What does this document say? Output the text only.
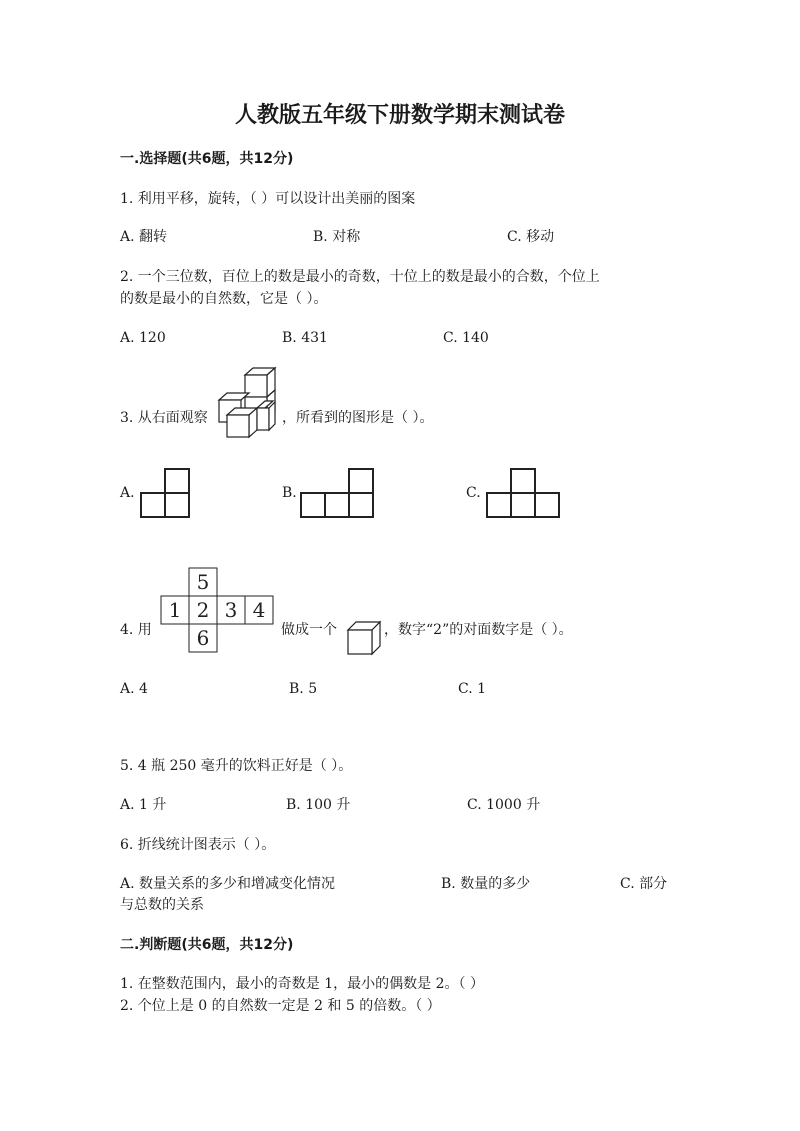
人教版五年级下册数学期末测试卷
一.选择题(共6题，共12分)
1. 利用平移，旋转，（ ）可以设计出美丽的图案
A. 翻转	B. 对称	C. 移动
2. 一个三位数，百位上的数是最小的奇数，十位上的数是最小的合数，个位上
的数是最小的自然数，它是（ ）。
A. 120	B. 431	C. 140
3. 从右面观察	，所看到的图形是（ ）。
A.	B.	C.
4. 用
5
1 2 3 4
6	做成一个	，数字“2”的对面数字是（ ）。
A. 4	B. 5	C. 1
5. 4 瓶 250 毫升的饮料正好是（ ）。
A. 1 升	B. 100 升	C. 1000 升
6. 折线统计图表示（ ）。
A. 数量关系的多少和增减变化情况	B. 数量的多少	C. 部分
与总数的关系
二.判断题(共6题，共12分)
1. 在整数范围内，最小的奇数是 1，最小的偶数是 2。（ ）
2. 个位上是 0 的自然数一定是 2 和 5 的倍数。（ ）
